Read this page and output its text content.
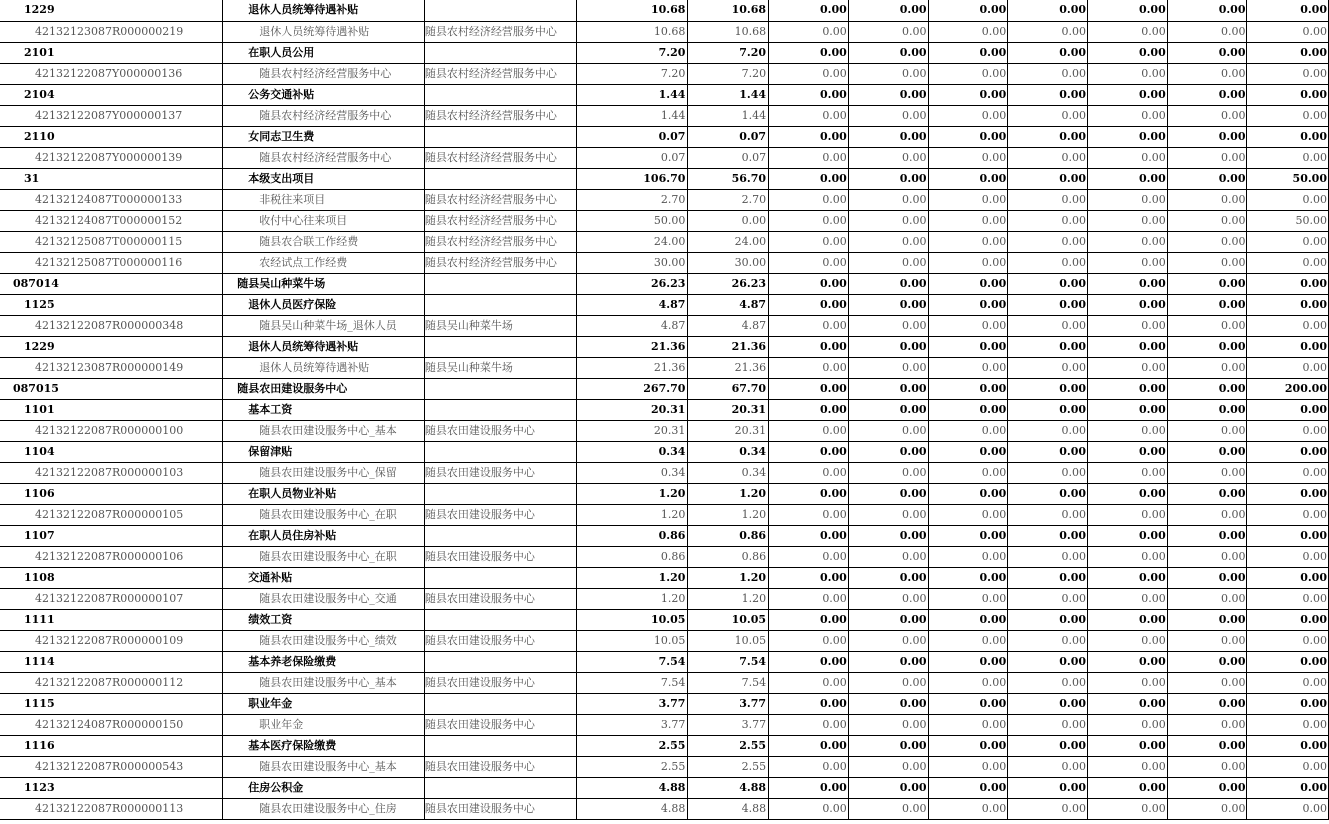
1229	退休人员统筹待遇补贴		10.68	10.68	0.00	0.00	0.00	0.00	0.00	0.00	0.00
42132123087R000000219	退休人员统筹待遇补贴	随县农村经济经营服务中心	10.68	10.68	0.00	0.00	0.00	0.00	0.00	0.00	0.00
2101	在职人员公用		7.20	7.20	0.00	0.00	0.00	0.00	0.00	0.00	0.00
42132122087Y000000136	随县农村经济经营服务中心	随县农村经济经营服务中心	7.20	7.20	0.00	0.00	0.00	0.00	0.00	0.00	0.00
2104	公务交通补贴		1.44	1.44	0.00	0.00	0.00	0.00	0.00	0.00	0.00
42132122087Y000000137	随县农村经济经营服务中心	随县农村经济经营服务中心	1.44	1.44	0.00	0.00	0.00	0.00	0.00	0.00	0.00
2110	女同志卫生费		0.07	0.07	0.00	0.00	0.00	0.00	0.00	0.00	0.00
42132122087Y000000139	随县农村经济经营服务中心	随县农村经济经营服务中心	0.07	0.07	0.00	0.00	0.00	0.00	0.00	0.00	0.00
31	本级支出项目		106.70	56.70	0.00	0.00	0.00	0.00	0.00	0.00	50.00
42132124087T000000133	非税往来项目	随县农村经济经营服务中心	2.70	2.70	0.00	0.00	0.00	0.00	0.00	0.00	0.00
42132124087T000000152	收付中心往来项目	随县农村经济经营服务中心	50.00	0.00	0.00	0.00	0.00	0.00	0.00	0.00	50.00
42132125087T000000115	随县农合联工作经费	随县农村经济经营服务中心	24.00	24.00	0.00	0.00	0.00	0.00	0.00	0.00	0.00
42132125087T000000116	农经试点工作经费	随县农村经济经营服务中心	30.00	30.00	0.00	0.00	0.00	0.00	0.00	0.00	0.00
087014	随县吴山种菜牛场		26.23	26.23	0.00	0.00	0.00	0.00	0.00	0.00	0.00
1125	退休人员医疗保险		4.87	4.87	0.00	0.00	0.00	0.00	0.00	0.00	0.00
42132122087R000000348	随县吴山种菜牛场_退休人员	随县吴山种菜牛场	4.87	4.87	0.00	0.00	0.00	0.00	0.00	0.00	0.00
1229	退休人员统筹待遇补贴		21.36	21.36	0.00	0.00	0.00	0.00	0.00	0.00	0.00
42132123087R000000149	退休人员统筹待遇补贴	随县吴山种菜牛场	21.36	21.36	0.00	0.00	0.00	0.00	0.00	0.00	0.00
087015	随县农田建设服务中心		267.70	67.70	0.00	0.00	0.00	0.00	0.00	0.00	200.00
1101	基本工资		20.31	20.31	0.00	0.00	0.00	0.00	0.00	0.00	0.00
42132122087R000000100	随县农田建设服务中心_基本	随县农田建设服务中心	20.31	20.31	0.00	0.00	0.00	0.00	0.00	0.00	0.00
1104	保留津贴		0.34	0.34	0.00	0.00	0.00	0.00	0.00	0.00	0.00
42132122087R000000103	随县农田建设服务中心_保留	随县农田建设服务中心	0.34	0.34	0.00	0.00	0.00	0.00	0.00	0.00	0.00
1106	在职人员物业补贴		1.20	1.20	0.00	0.00	0.00	0.00	0.00	0.00	0.00
42132122087R000000105	随县农田建设服务中心_在职	随县农田建设服务中心	1.20	1.20	0.00	0.00	0.00	0.00	0.00	0.00	0.00
1107	在职人员住房补贴		0.86	0.86	0.00	0.00	0.00	0.00	0.00	0.00	0.00
42132122087R000000106	随县农田建设服务中心_在职	随县农田建设服务中心	0.86	0.86	0.00	0.00	0.00	0.00	0.00	0.00	0.00
1108	交通补贴		1.20	1.20	0.00	0.00	0.00	0.00	0.00	0.00	0.00
42132122087R000000107	随县农田建设服务中心_交通	随县农田建设服务中心	1.20	1.20	0.00	0.00	0.00	0.00	0.00	0.00	0.00
1111	绩效工资		10.05	10.05	0.00	0.00	0.00	0.00	0.00	0.00	0.00
42132122087R000000109	随县农田建设服务中心_绩效	随县农田建设服务中心	10.05	10.05	0.00	0.00	0.00	0.00	0.00	0.00	0.00
1114	基本养老保险缴费		7.54	7.54	0.00	0.00	0.00	0.00	0.00	0.00	0.00
42132122087R000000112	随县农田建设服务中心_基本	随县农田建设服务中心	7.54	7.54	0.00	0.00	0.00	0.00	0.00	0.00	0.00
1115	职业年金		3.77	3.77	0.00	0.00	0.00	0.00	0.00	0.00	0.00
42132124087R000000150	职业年金	随县农田建设服务中心	3.77	3.77	0.00	0.00	0.00	0.00	0.00	0.00	0.00
1116	基本医疗保险缴费		2.55	2.55	0.00	0.00	0.00	0.00	0.00	0.00	0.00
42132122087R000000543	随县农田建设服务中心_基本	随县农田建设服务中心	2.55	2.55	0.00	0.00	0.00	0.00	0.00	0.00	0.00
1123	住房公积金		4.88	4.88	0.00	0.00	0.00	0.00	0.00	0.00	0.00
42132122087R000000113	随县农田建设服务中心_住房	随县农田建设服务中心	4.88	4.88	0.00	0.00	0.00	0.00	0.00	0.00	0.00
